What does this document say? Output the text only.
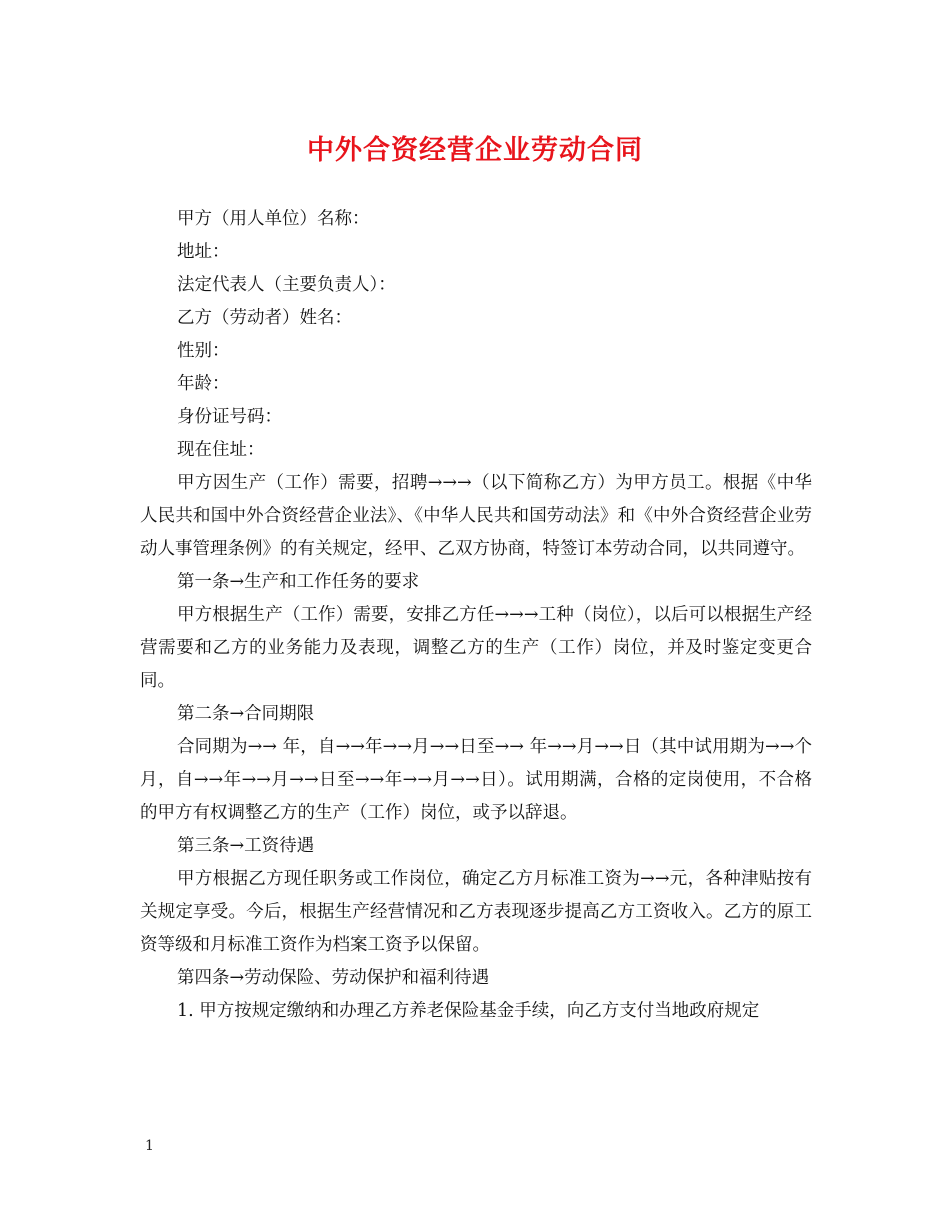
中外合资经营企业劳动合同

甲方（用人单位）名称：

地址：

法定代表人（主要负责人）：

乙方（劳动者）姓名：

性别：

年龄：

身份证号码：

现在住址：

甲方因生产（工作）需要，招聘→→→（以下简称乙方）为甲方员工。根据《中华人民共和国中外合资经营企业法》、《中华人民共和国劳动法》和《中外合资经营企业劳动人事管理条例》的有关规定，经甲、乙双方协商，特签订本劳动合同，以共同遵守。

第一条→生产和工作任务的要求

甲方根据生产（工作）需要，安排乙方任→→→工种（岗位），以后可以根据生产经营需要和乙方的业务能力及表现，调整乙方的生产（工作）岗位，并及时鉴定变更合同。

第二条→合同期限

合同期为→→ 年，自→→年→→月→→日至→→ 年→→月→→日（其中试用期为→→个月，自→→年→→月→→日至→→年→→月→→日）。试用期满，合格的定岗使用，不合格的甲方有权调整乙方的生产（工作）岗位，或予以辞退。

第三条→工资待遇

甲方根据乙方现任职务或工作岗位，确定乙方月标准工资为→→元，各种津贴按有关规定享受。今后，根据生产经营情况和乙方表现逐步提高乙方工资收入。乙方的原工资等级和月标准工资作为档案工资予以保留。

第四条→劳动保险、劳动保护和福利待遇

1. 甲方按规定缴纳和办理乙方养老保险基金手续，向乙方支付当地政府规定

1
